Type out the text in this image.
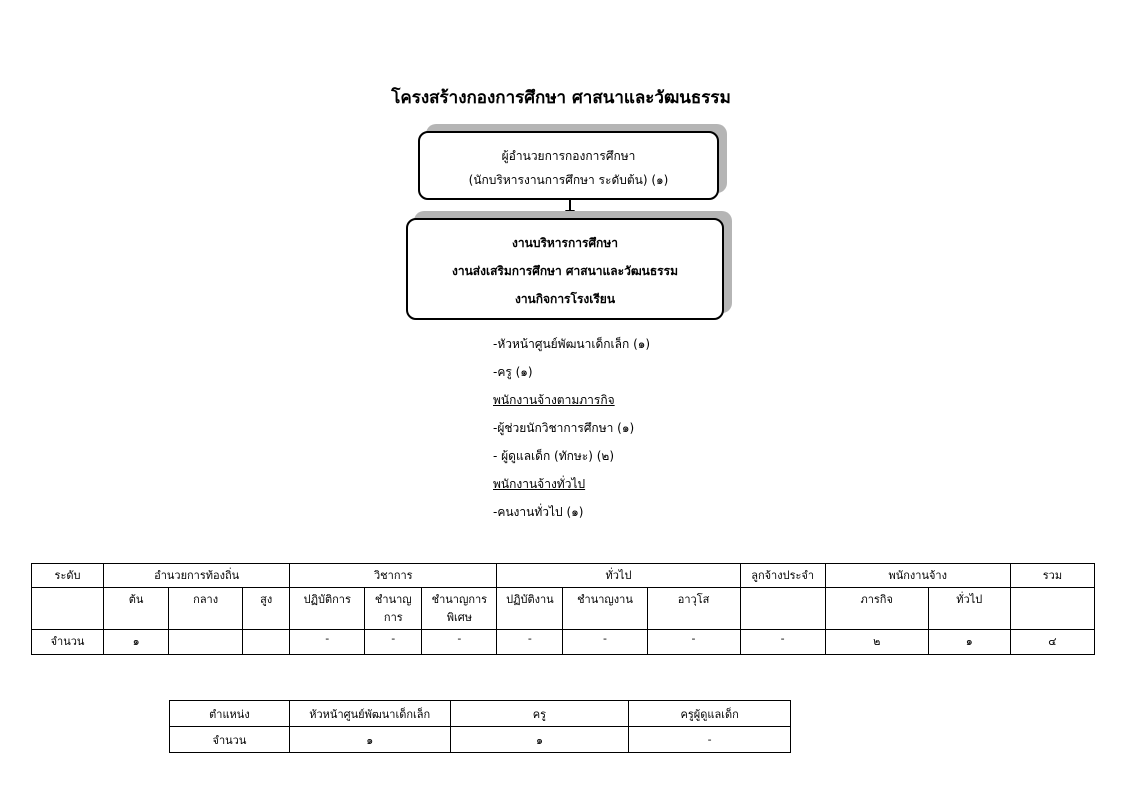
โครงสร้างกองการศึกษา ศาสนาและวัฒนธรรม
ผู้อำนวยการกองการศึกษา
(นักบริหารงานการศึกษา ระดับต้น) (๑)
งานบริหารการศึกษา
งานส่งเสริมการศึกษา ศาสนาและวัฒนธรรม
งานกิจการโรงเรียน
-หัวหน้าศูนย์พัฒนาเด็กเล็ก (๑)
-ครู (๑)
พนักงานจ้างตามภารกิจ
-ผู้ช่วยนักวิชาการศึกษา (๑)
- ผู้ดูแลเด็ก (ทักษะ) (๒)
พนักงานจ้างทั่วไป
-คนงานทั่วไป (๑)
ระดับ	อำนวยการท้องถิ่น			วิชาการ			ทั่วไป			ลูกจ้างประจำ	พนักงานจ้าง		รวม
	ต้น	กลาง	สูง	ปฏิบัติการ	ชำนาญการ	ชำนาญการพิเศษ	ปฏิบัติงาน	ชำนาญงาน	อาวุโส		ภารกิจ	ทั่วไป	
จำนวน	๑			-	-	-	-	-	-	-	๒	๑	๔
ตำแหน่ง	หัวหน้าศูนย์พัฒนาเด็กเล็ก	ครู	ครูผู้ดูแลเด็ก
จำนวน	๑	๑	-
